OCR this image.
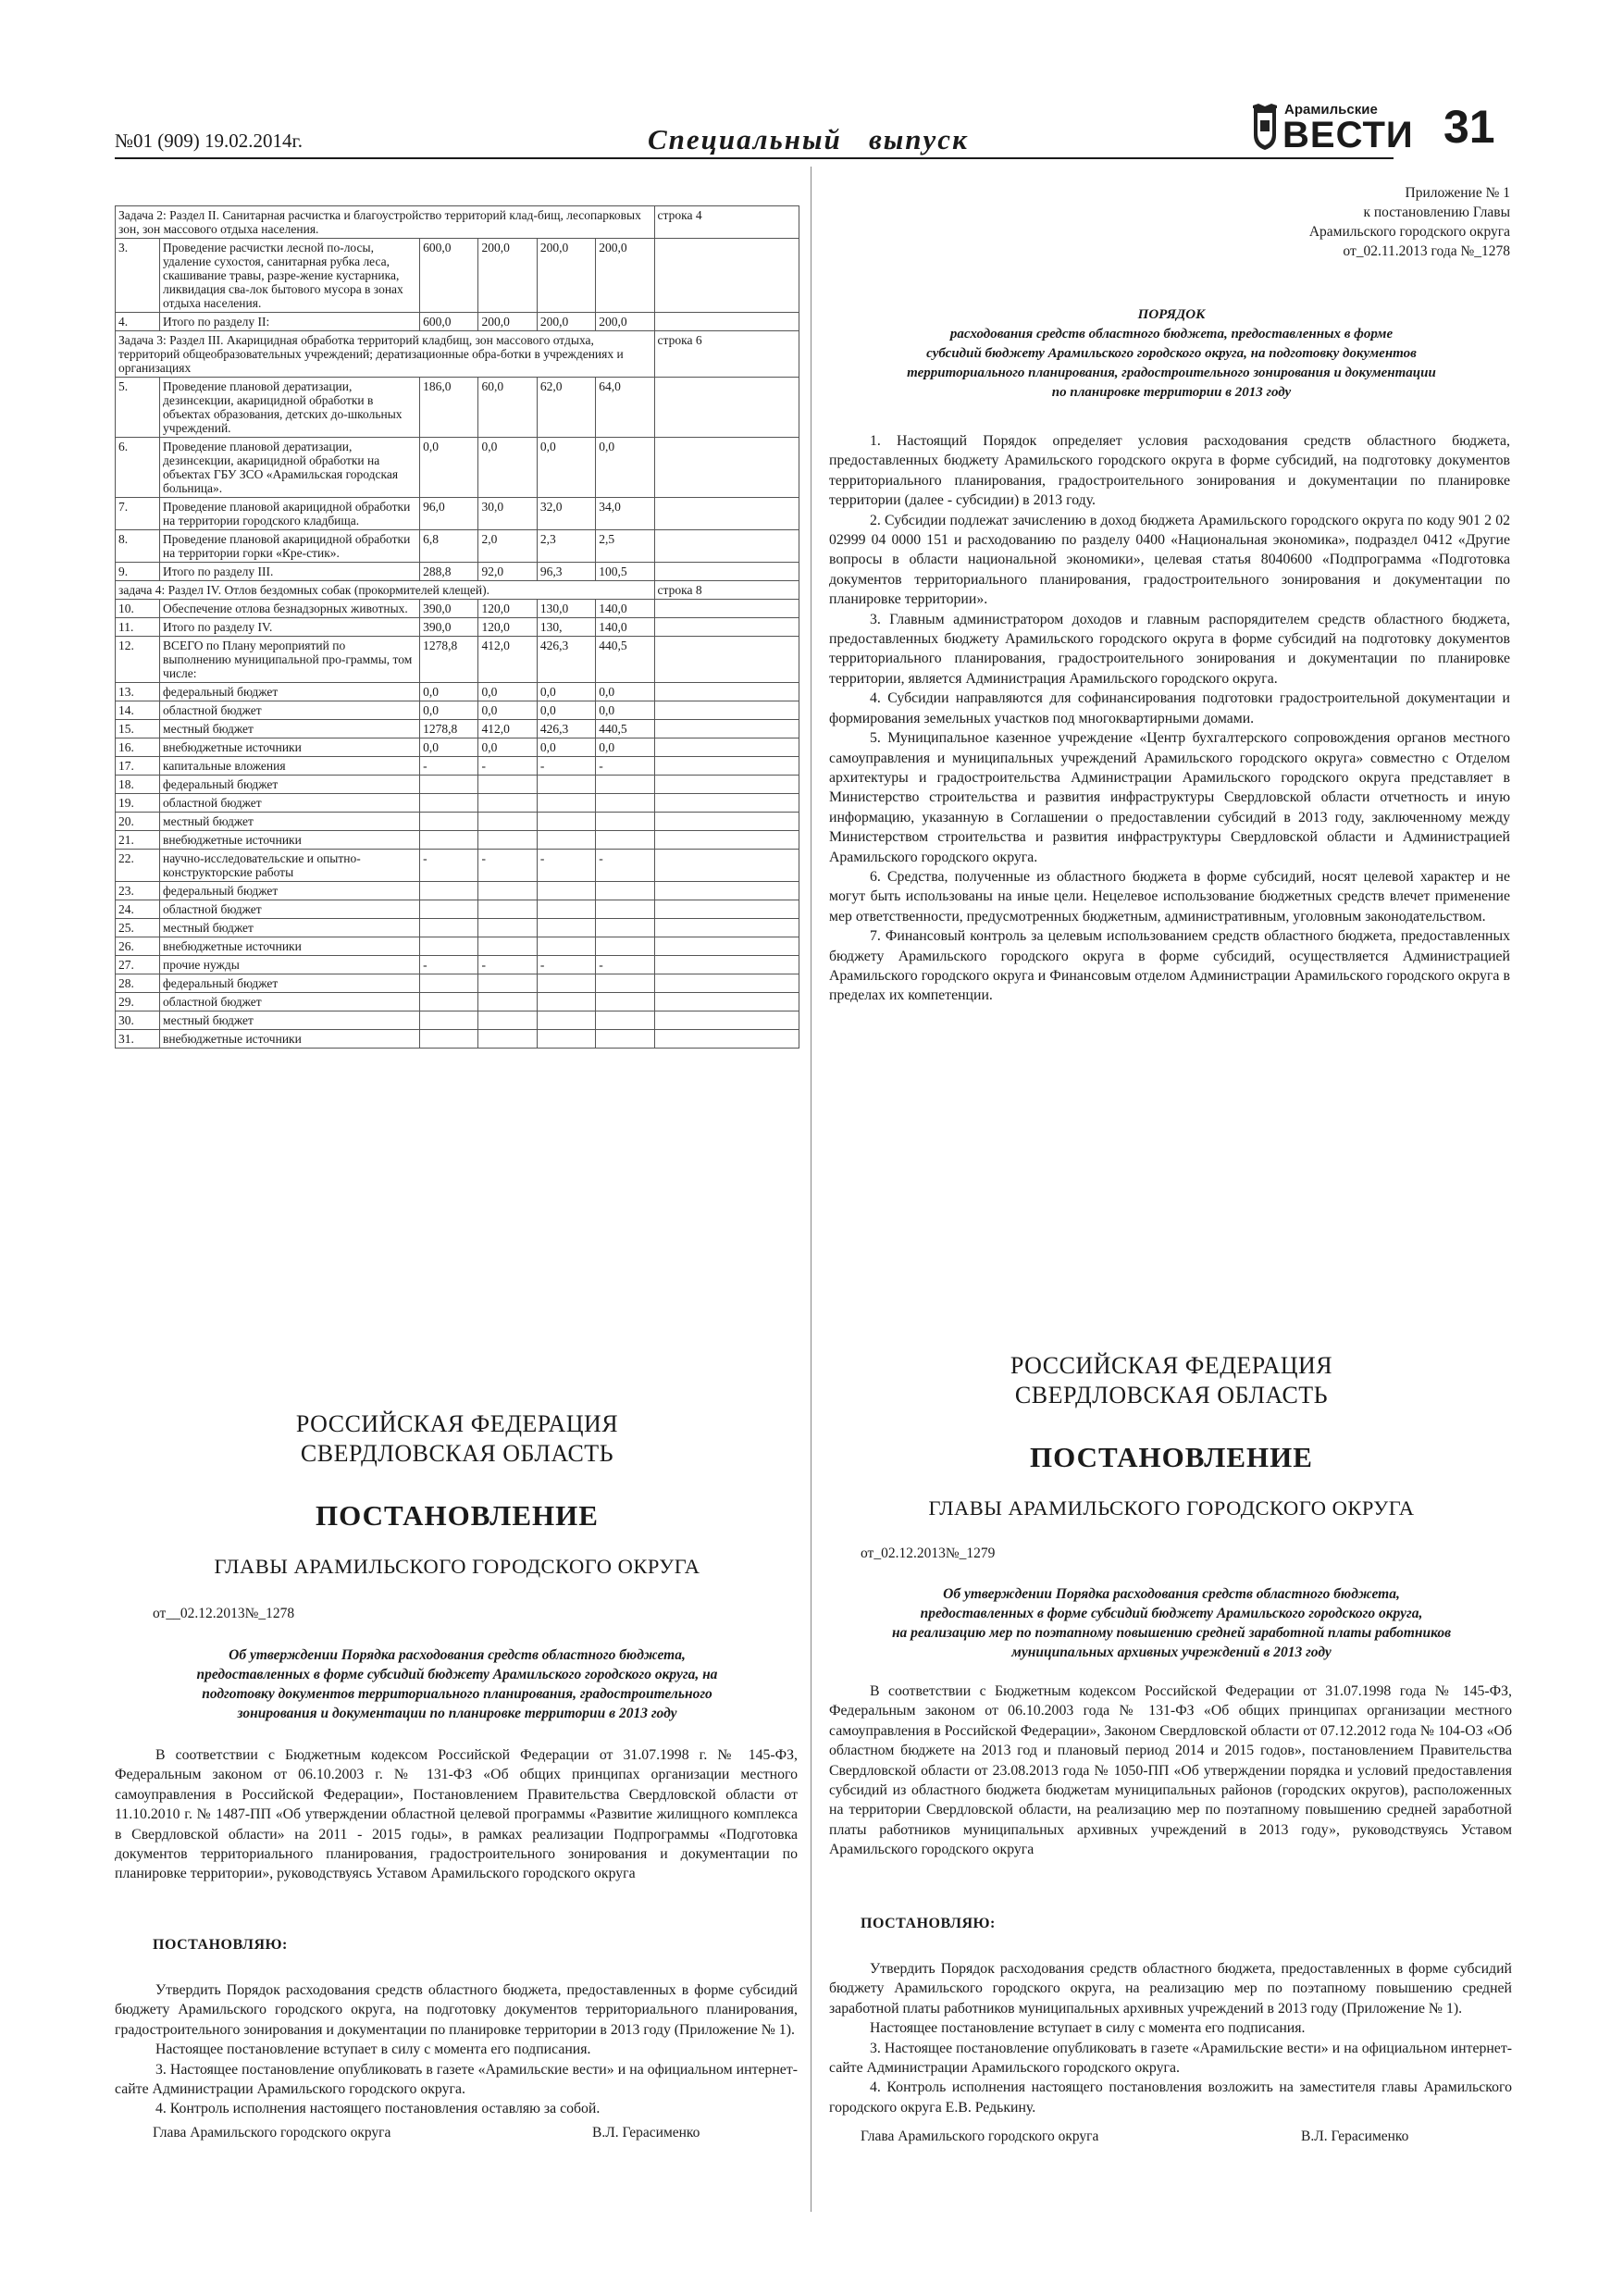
№01 (909) 19.02.2014г.	Специальный   выпуск
Арамильские
ВЕСТИ 31
Задача 2: Раздел II. Санитарная расчистка и благоустройство территорий клад-бищ, лесопарковых зон, зон массового отдыха населения.						строка 4
3.	Проведение расчистки лесной по-лосы, удаление сухостоя, санитарная рубка леса, скашивание травы, разре-жение кустарника, ликвидация сва-лок бытового мусора в зонах отдыха населения.	600,0	200,0	200,0	200,0	
4.	Итого по разделу II:	600,0	200,0	200,0	200,0	
Задача 3: Раздел III. Акарицидная обработка территорий кладбищ, зон массового отдыха, территорий общеобразовательных учреждений; дератизационные обра-ботки в учреждениях и организациях						строка 6
5.	Проведение плановой дератизации, дезинсекции, акарицидной обработки в объектах образования, детских до-школьных учреждений.	186,0	60,0	62,0	64,0	
6.	Проведение плановой дератизации, дезинсекции, акарицидной обработки на объектах ГБУ ЗСО «Арамильская городская больница».	0,0	0,0	0,0	0,0	
7.	Проведение плановой акарицидной обработки на территории городского кладбища.	96,0	30,0	32,0	34,0	
8.	Проведение плановой акарицидной обработки на территории горки «Кре-стик».	6,8	2,0	2,3	2,5	
9.	Итого по разделу III.	288,8	92,0	96,3	100,5	
задача 4: Раздел IV. Отлов бездомных собак (прокормителей клещей).						строка 8
10.	Обеспечение отлова безнадзорных животных.	390,0	120,0	130,0	140,0	
11.	Итого по разделу IV.	390,0	120,0	130,	140,0	
12.	ВСЕГО по Плану мероприятий по выполнению муниципальной про-граммы, том числе:	1278,8	412,0	426,3	440,5	
13.	федеральный бюджет	0,0	0,0	0,0	0,0	
14.	областной бюджет	0,0	0,0	0,0	0,0	
15.	местный бюджет	1278,8	412,0	426,3	440,5	
16.	внебюджетные источники	0,0	0,0	0,0	0,0	
17.	капитальные вложения	-	-	-	-	
18.	федеральный бюджет					
19.	областной бюджет					
20.	местный бюджет					
21.	внебюджетные источники					
22.	научно-исследовательские и опытно-конструкторские работы	-	-	-	-	
23.	федеральный бюджет					
24.	областной бюджет					
25.	местный бюджет					
26.	внебюджетные источники					
27.	прочие нужды	-	-	-	-	
28.	федеральный бюджет					
29.	областной бюджет					
30.	местный бюджет					
31.	внебюджетные источники					
Приложение № 1
к постановлению Главы
Арамильского городского округа
от_02.11.2013 года №_1278
ПОРЯДОК
расходования средств областного бюджета, предоставленных в форме
субсидий бюджету Арамильского городского округа, на подготовку документов
территориального планирования, градостроительного зонирования и документации
по планировке территории в 2013 году

1. Настоящий Порядок определяет условия расходования средств областного бюджета, предоставленных бюджету Арамильского городского округа в форме субсидий, на подготовку документов территориального планирования, градостроительного зонирования и документации по планировке территории (далее - субсидии) в 2013 году.

2. Субсидии подлежат зачислению в доход бюджета Арамильского городского округа по коду 901 2 02 02999 04 0000 151 и расходованию по разделу 0400 «Национальная экономика», подраздел 0412 «Другие вопросы в области национальной экономики», целевая статья 8040600 «Подпрограмма «Подготовка документов территориального планирования, градостроительного зонирования и документации по планировке территории».

3. Главным администратором доходов и главным распорядителем средств областного бюджета, предоставленных бюджету Арамильского городского округа в форме субсидий на подготовку документов территориального планирования, градостроительного зонирования и документации по планировке территории, является Администрация Арамильского городского округа.

4. Субсидии направляются для софинансирования подготовки градостроительной документации и формирования земельных участков под многоквартирными домами.

5. Муниципальное казенное учреждение «Центр бухгалтерского сопровождения органов местного самоуправления и муниципальных учреждений Арамильского городского округа» совместно с Отделом архитектуры и градостроительства Администрации Арамильского городского округа представляет в Министерство строительства и развития инфраструктуры Свердловской области отчетность и иную информацию, указанную в Соглашении о предоставлении субсидий в 2013 году, заключенному между Министерством строительства и развития инфраструктуры Свердловской области и Администрацией Арамильского городского округа.

6. Средства, полученные из областного бюджета в форме субсидий, носят целевой характер и не могут быть использованы на иные цели. Нецелевое использование бюджетных средств влечет применение мер ответственности, предусмотренных бюджетным, административным, уголовным законодательством.

7. Финансовый контроль за целевым использованием средств областного бюджета, предоставленных бюджету Арамильского городского округа в форме субсидий, осуществляется Администрацией Арамильского городского округа и Финансовым отделом Администрации Арамильского городского округа в пределах их компетенции.

РОССИЙСКАЯ ФЕДЕРАЦИЯ
СВЕРДЛОВСКАЯ ОБЛАСТЬ
ПОСТАНОВЛЕНИЕ
ГЛАВЫ АРАМИЛЬСКОГО ГОРОДСКОГО ОКРУГА
от__02.12.2013№_1278
Об утверждении Порядка расходования средств областного бюджета,
предоставленных в форме субсидий бюджету Арамильского городского округа, на
подготовку документов территориального планирования, градостроительного
зонирования и документации по планировке территории в 2013 году

В соответствии с Бюджетным кодексом Российской Федерации от 31.07.1998 г. № 145-ФЗ, Федеральным законом от 06.10.2003 г. № 131-ФЗ «Об общих принципах организации местного самоуправления в Российской Федерации», Постановлением Правительства Свердловской области от 11.10.2010 г. № 1487-ПП «Об утверждении областной целевой программы «Развитие жилищного комплекса в Свердловской области» на 2011 - 2015 годы», в рамках реализации Подпрограммы «Подготовка документов территориального планирования, градостроительного зонирования и документации по планировке территории», руководствуясь Уставом Арамильского городского округа

ПОСТАНОВЛЯЮ:

Утвердить Порядок расходования средств областного бюджета, предоставленных в форме субсидий бюджету Арамильского городского округа, на подготовку документов территориального планирования, градостроительного зонирования и документации по планировке территории в 2013 году (Приложение № 1).

Настоящее постановление вступает в силу с момента его подписания.

3. Настоящее постановление опубликовать в газете «Арамильские вести» и на официальном интернет-сайте Администрации Арамильского городского округа.

4. Контроль исполнения настоящего постановления оставляю за собой.

Глава Арамильского городского округа	В.Л. Герасименко
РОССИЙСКАЯ ФЕДЕРАЦИЯ
СВЕРДЛОВСКАЯ ОБЛАСТЬ
ПОСТАНОВЛЕНИЕ
ГЛАВЫ АРАМИЛЬСКОГО ГОРОДСКОГО ОКРУГА
от_02.12.2013№_1279
Об утверждении Порядка расходования средств областного бюджета,
предоставленных в форме субсидий бюджету Арамильского городского округа,
на реализацию мер по поэтапному повышению средней заработной платы работников
муниципальных архивных учреждений в 2013 году

В соответствии с Бюджетным кодексом Российской Федерации от 31.07.1998 года № 145-ФЗ, Федеральным законом от 06.10.2003 года № 131-ФЗ «Об общих принципах организации местного самоуправления в Российской Федерации», Законом Свердловской области от 07.12.2012 года № 104-ОЗ «Об областном бюджете на 2013 год и плановый период 2014 и 2015 годов», постановлением Правительства Свердловской области от 23.08.2013 года № 1050-ПП «Об утверждении порядка и условий предоставления субсидий из областного бюджета бюджетам муниципальных районов (городских округов), расположенных на территории Свердловской области, на реализацию мер по поэтапному повышению средней заработной платы работников муниципальных архивных учреждений в 2013 году», руководствуясь Уставом Арамильского городского округа

ПОСТАНОВЛЯЮ:

Утвердить Порядок расходования средств областного бюджета, предоставленных в форме субсидий бюджету Арамильского городского округа, на реализацию мер по поэтапному повышению средней заработной платы работников муниципальных архивных учреждений в 2013 году (Приложение № 1).

Настоящее постановление вступает в силу с момента его подписания.

3. Настоящее постановление опубликовать в газете «Арамильские вести» и на официальном интернет-сайте Администрации Арамильского городского округа.

4. Контроль исполнения настоящего постановления возложить на заместителя главы Арамильского городского округа Е.В. Редькину.

Глава Арамильского городского округа	В.Л. Герасименко
